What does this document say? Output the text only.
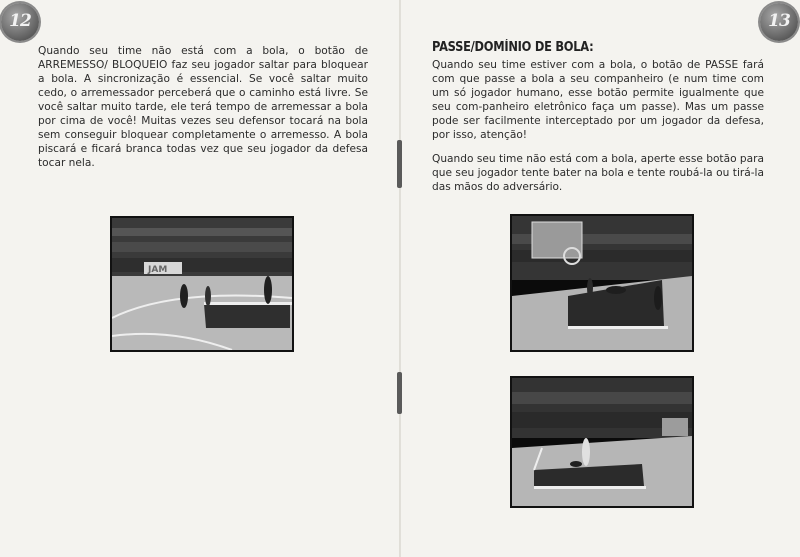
12

Quando seu time não está com a bola, o botão de ARREMESSO/ BLOQUEIO faz seu jogador saltar para bloquear a bola. A sincronização é essencial. Se você saltar muito cedo, o arremessador perceberá que o caminho está livre. Se você saltar muito tarde, ele terá tempo de arremessar a bola por cima de você! Muitas vezes seu defensor tocará na bola sem conseguir bloquear completamente o arremesso. A bola piscará e ficará branca todas vez que seu jogador da defesa tocar nela.

JAM
13
PASSE/DOMÍNIO DE BOLA:

Quando seu time estiver com a bola, o botão de PASSE fará com que passe a bola a seu companheiro (e num time com um só jogador humano, esse botão permite igualmente que seu com-panheiro eletrônico faça um passe). Mas um passe pode ser facilmente interceptado por um jogador da defesa, por isso, atenção!

Quando seu time não está com a bola, aperte esse botão para que seu jogador tente bater na bola e tente roubá-la ou tirá-la das mãos do adversário.
